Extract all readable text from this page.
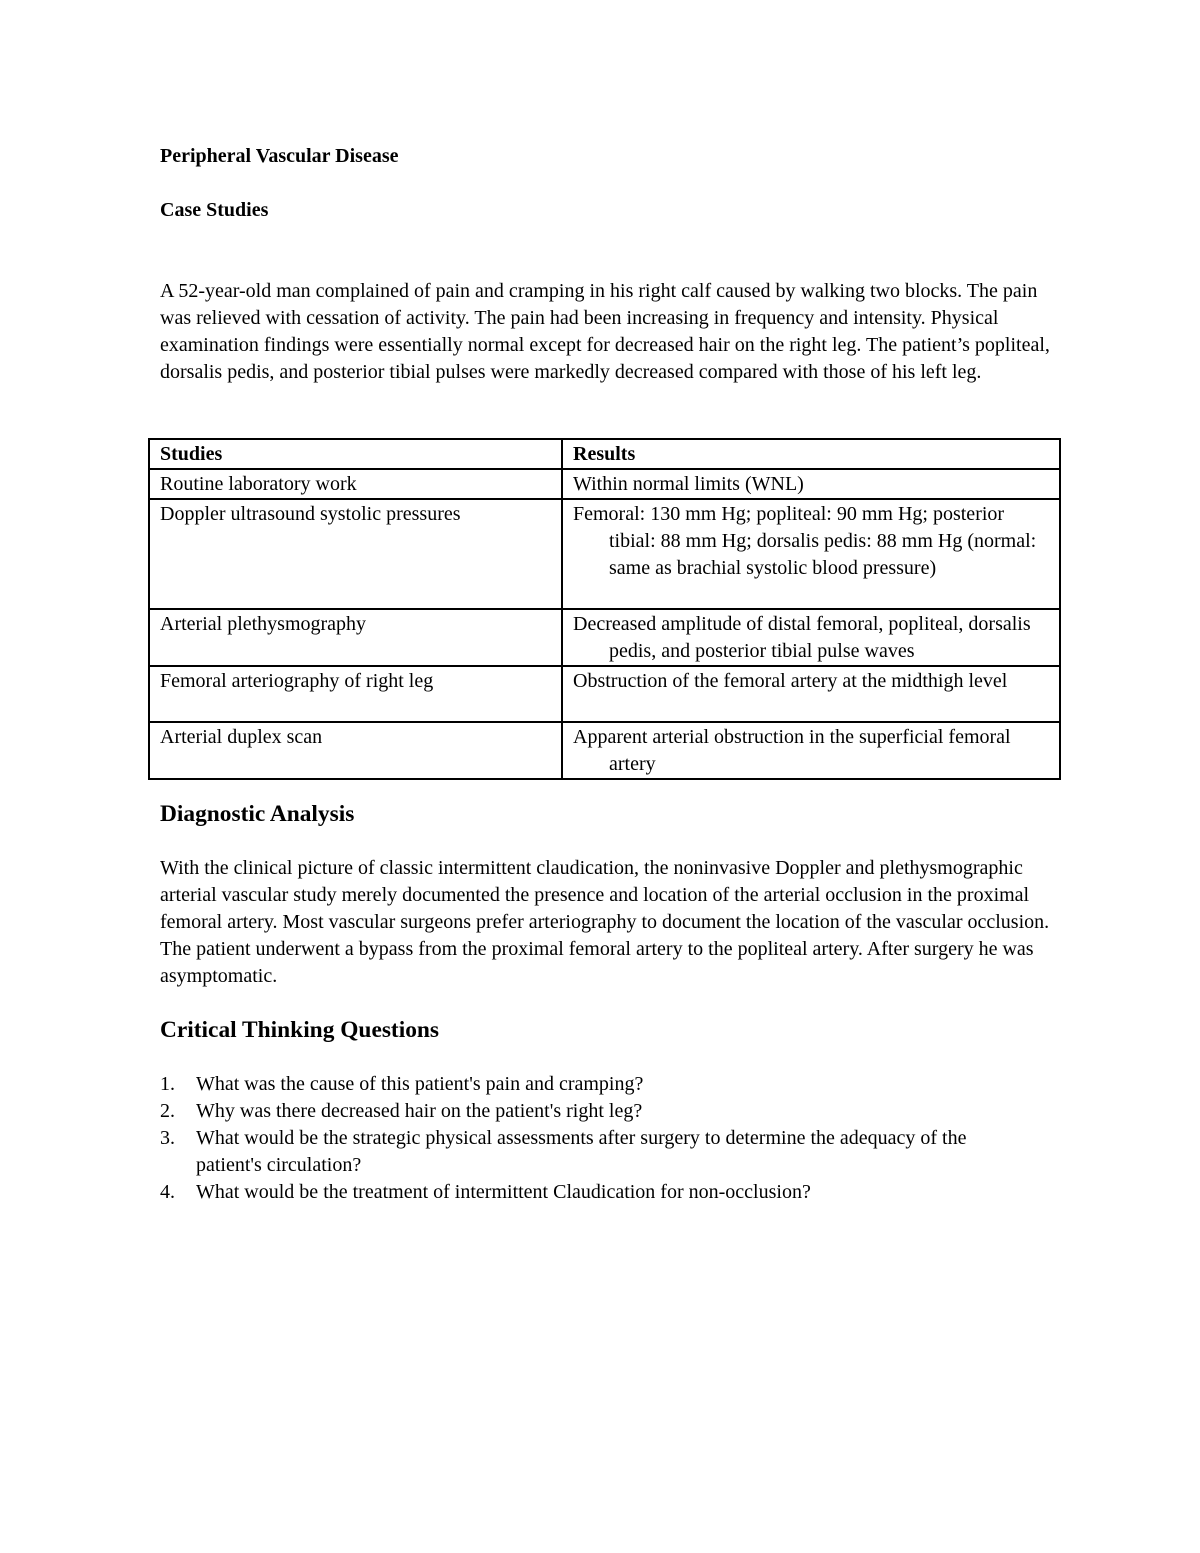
Peripheral Vascular Disease
Case Studies

A 52-year-old man complained of pain and cramping in his right calf caused by walking two blocks. The pain was relieved with cessation of activity. The pain had been increasing in frequency and intensity. Physical examination findings were essentially normal except for decreased hair on the right leg. The patient’s popliteal, dorsalis pedis, and posterior tibial pulses were markedly decreased compared with those of his left leg.

Studies	Results
Routine laboratory work	Within normal limits (WNL)

Doppler ultrasound systolic pressures	Femoral: 130 mm Hg; popliteal: 90 mm Hg; posterior tibial: 88 mm Hg; dorsalis pedis: 88 mm Hg (normal: same as brachial systolic blood pressure)

Arterial plethysmography	Decreased amplitude of distal femoral, popliteal, dorsalis pedis, and posterior tibial pulse waves

Femoral arteriography of right leg	Obstruction of the femoral artery at the midthigh level

Arterial duplex scan	Apparent arterial obstruction in the superficial femoral artery
Diagnostic Analysis

With the clinical picture of classic intermittent claudication, the noninvasive Doppler and plethysmographic arterial vascular study merely documented the presence and location of the arterial occlusion in the proximal femoral artery. Most vascular surgeons prefer arteriography to document the location of the vascular occlusion. The patient underwent a bypass from the proximal femoral artery to the popliteal artery. After surgery he was asymptomatic.

Critical Thinking Questions
1. What was the cause of this patient's pain and cramping?
2. Why was there decreased hair on the patient's right leg?
3. What would be the strategic physical assessments after surgery to determine the adequacy of the patient's circulation?
4. What would be the treatment of intermittent Claudication for non-occlusion?
